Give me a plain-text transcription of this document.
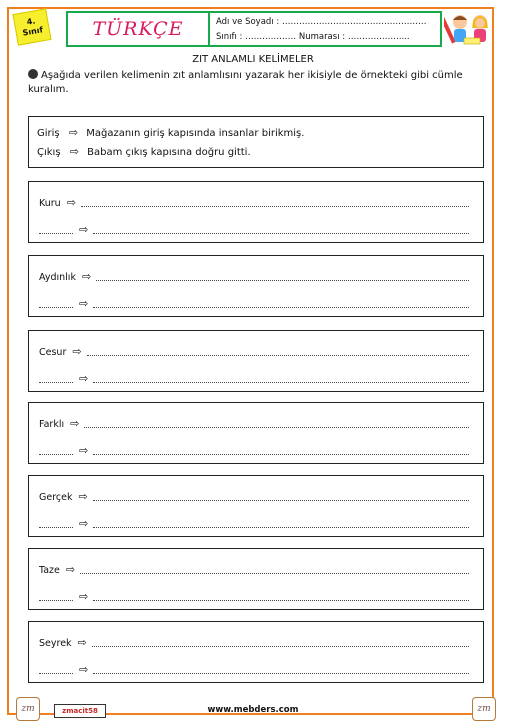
4.
Sınıf	TÜRKÇE	Adı ve Soyadı : ……………………………………………
Sınıfı : ……………… Numarası : ………………....
ZIT ANLAMLI KELİMELER
Aşağıda verilen kelimenin zıt anlamlısını yazarak her ikisiyle de örnekteki gibi cümle kuralım.
Giriş ⇨ Mağazanın giriş kapısında insanlar birikmiş.
Çıkış ⇨ Babam çıkış kapısına doğru gitti.
Kuru ⇨
⇨
Aydınlık ⇨
⇨
Cesur ⇨
⇨
Farklı ⇨
⇨
Gerçek ⇨
⇨
Taze ⇨
⇨
Seyrek ⇨
⇨
zm	zmacit58	www.mebders.com	zm
